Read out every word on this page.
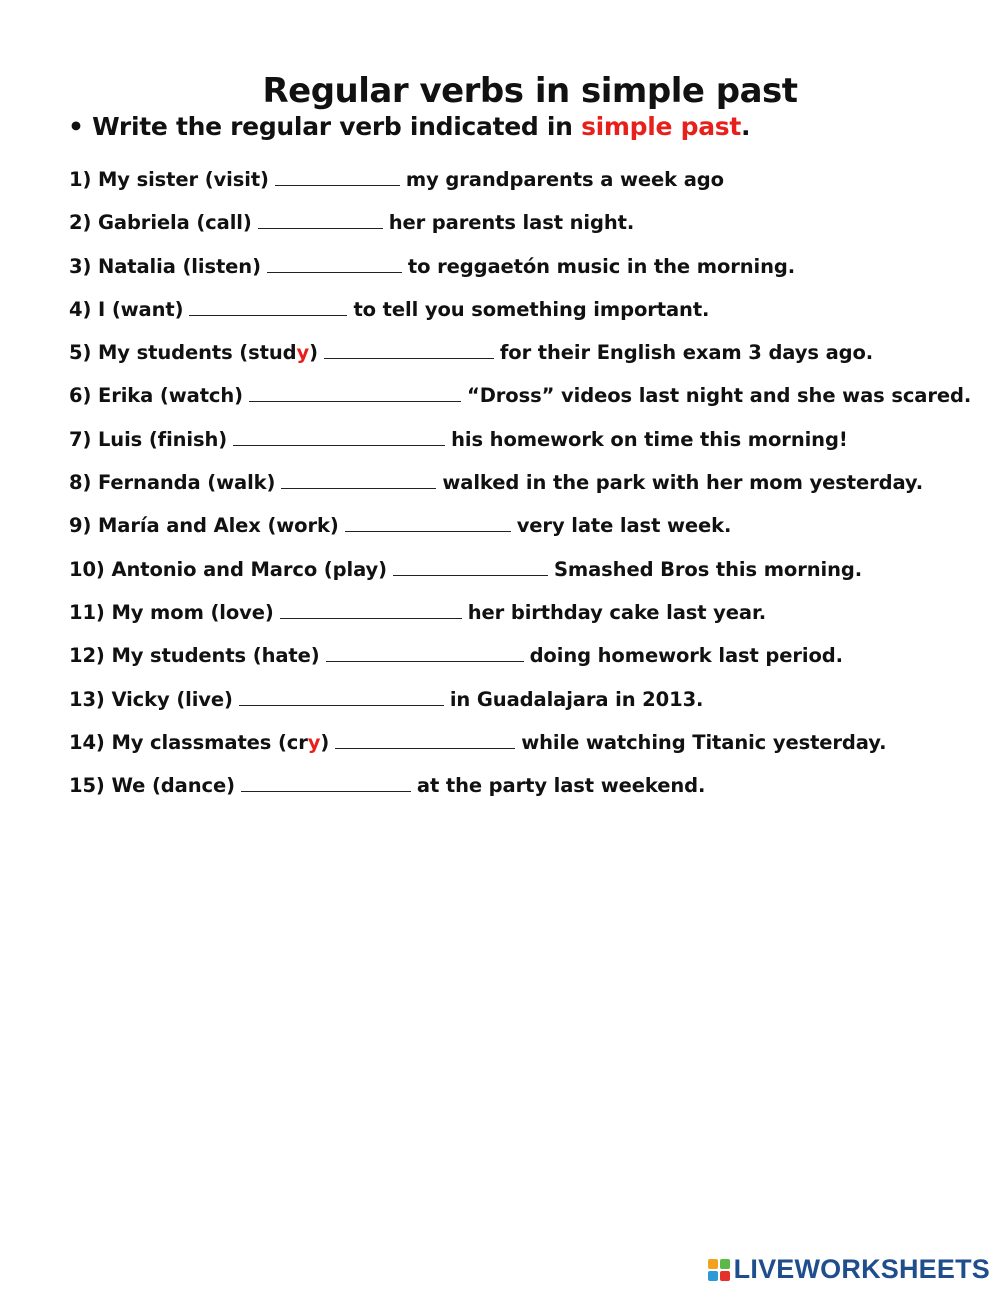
Regular verbs in simple past
• Write the regular verb indicated in simple past.
1) My sister (visit)	my grandparents a week ago
2) Gabriela (call)	her parents last night.
3) Natalia (listen)	to reggaetón music in the morning.
4) I (want)	to tell you something important.
5) My students (study)	for their English exam 3 days ago.
6) Erika (watch)	“Dross” videos last night and she was scared.
7) Luis (finish)	his homework on time this morning!
8) Fernanda (walk)	walked in the park with her mom yesterday.
9) María and Alex (work)	very late last week.
10) Antonio and Marco (play)	Smashed Bros this morning.
11) My mom (love)	her birthday cake last year.
12) My students (hate)	doing homework last period.
13) Vicky (live)	in Guadalajara in 2013.
14) My classmates (cry)	while watching Titanic yesterday.
15) We (dance)	at the party last weekend.
LIVEWORKSHEETS
